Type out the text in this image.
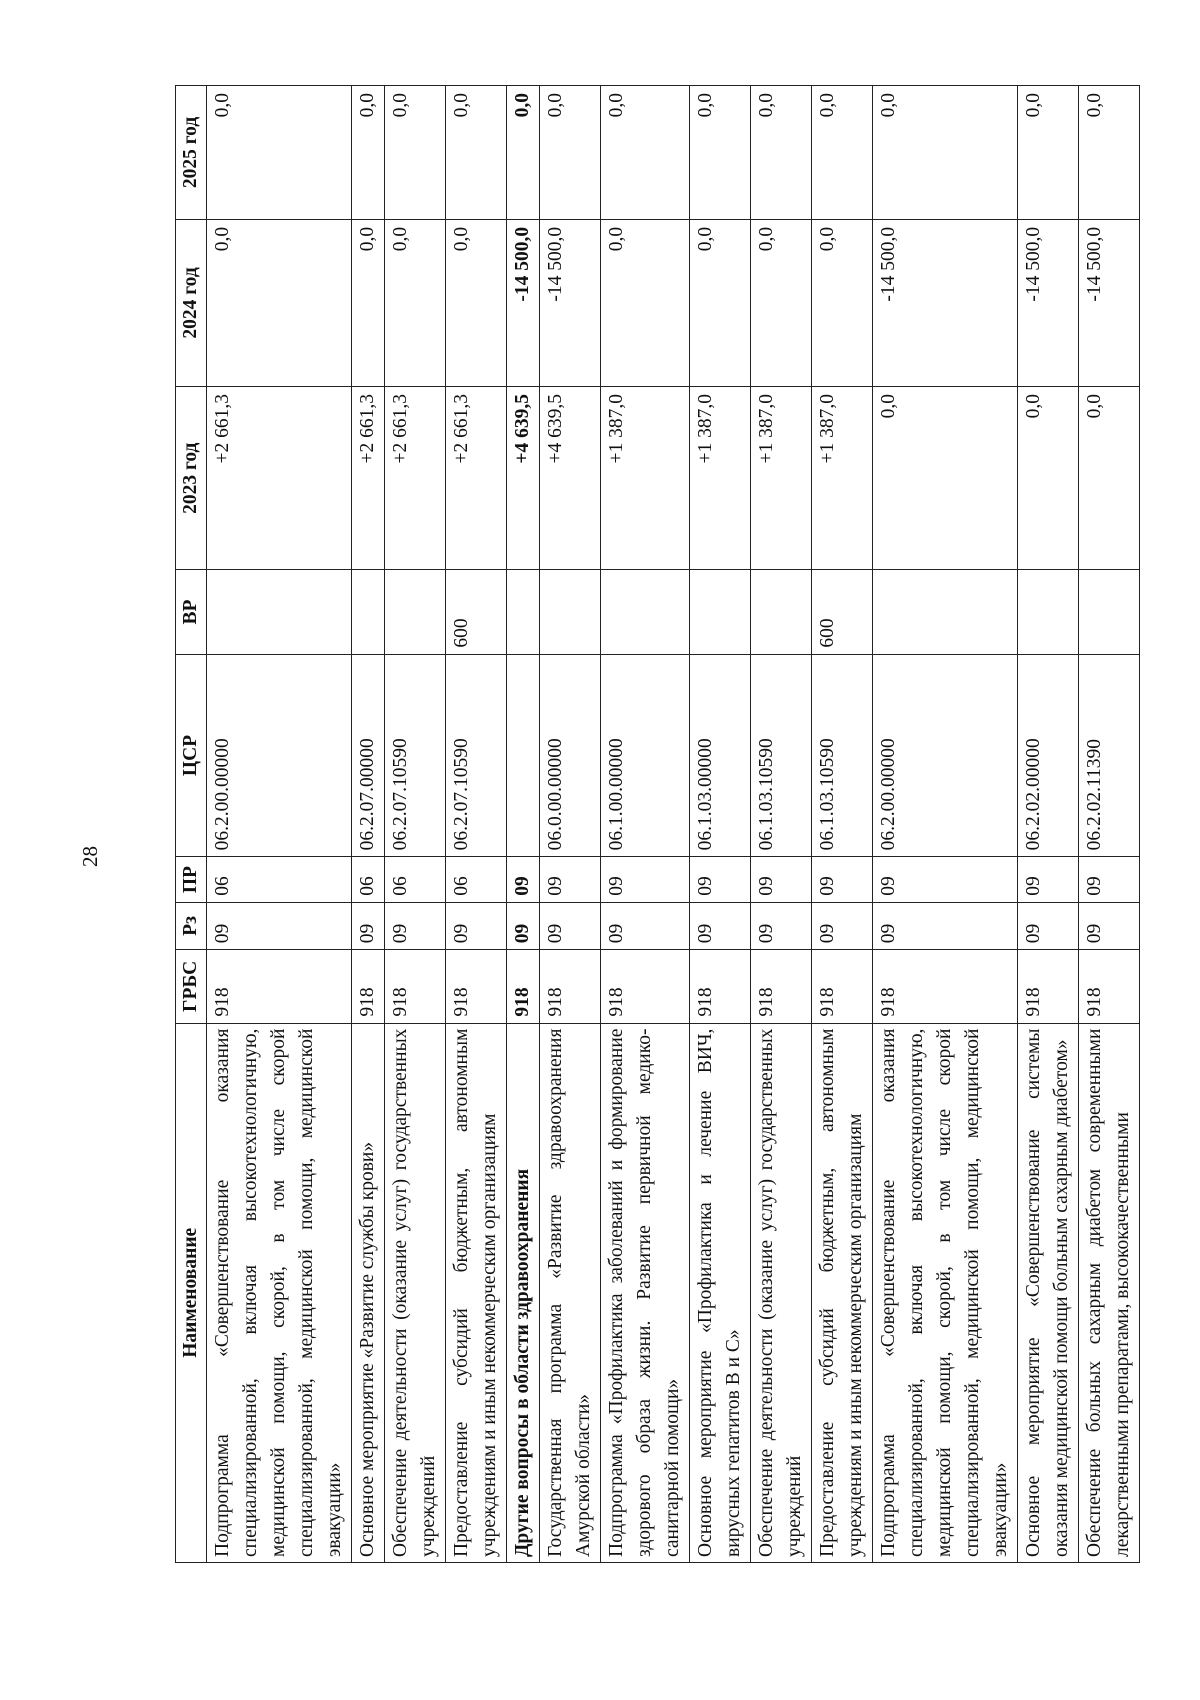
28
Наименование	ГРБС	Рз	ПР	ЦСР	ВР	2023 год	2024 год	2025 год
Подпрограмма «Совершенствование оказания специализированной, включая высокотехнологичную, медицинской помощи, скорой, в том числе скорой специализированной, медицинской помощи, медицинской эвакуации»	918	09	06	06.2.00.00000		+2 661,3	0,0	0,0
Основное мероприятие «Развитие службы крови»	918	09	06	06.2.07.00000		+2 661,3	0,0	0,0
Обеспечение деятельности (оказание услуг) государственных учреждений	918	09	06	06.2.07.10590		+2 661,3	0,0	0,0
Предоставление субсидий бюджетным, автономным учреждениям и иным некоммерческим организациям	918	09	06	06.2.07.10590	600	+2 661,3	0,0	0,0
Другие вопросы в области здравоохранения	918	09	09			+4 639,5	-14 500,0	0,0
Государственная программа «Развитие здравоохранения Амурской области»	918	09	09	06.0.00.00000		+4 639,5	-14 500,0	0,0
Подпрограмма «Профилактика заболеваний и формирование здорового образа жизни. Развитие первичной медико-санитарной помощи»	918	09	09	06.1.00.00000		+1 387,0	0,0	0,0
Основное мероприятие «Профилактика и лечение ВИЧ, вирусных гепатитов В и С»	918	09	09	06.1.03.00000		+1 387,0	0,0	0,0
Обеспечение деятельности (оказание услуг) государственных учреждений	918	09	09	06.1.03.10590		+1 387,0	0,0	0,0
Предоставление субсидий бюджетным, автономным учреждениям и иным некоммерческим организациям	918	09	09	06.1.03.10590	600	+1 387,0	0,0	0,0
Подпрограмма «Совершенствование оказания специализированной, включая высокотехнологичную, медицинской помощи, скорой, в том числе скорой специализированной, медицинской помощи, медицинской эвакуации»	918	09	09	06.2.00.00000		0,0	-14 500,0	0,0
Основное мероприятие «Совершенствование системы оказания медицинской помощи больным сахарным диабетом»	918	09	09	06.2.02.00000		0,0	-14 500,0	0,0
Обеспечение больных сахарным диабетом современными лекарственными препаратами, высококачественными	918	09	09	06.2.02.11390		0,0	-14 500,0	0,0
